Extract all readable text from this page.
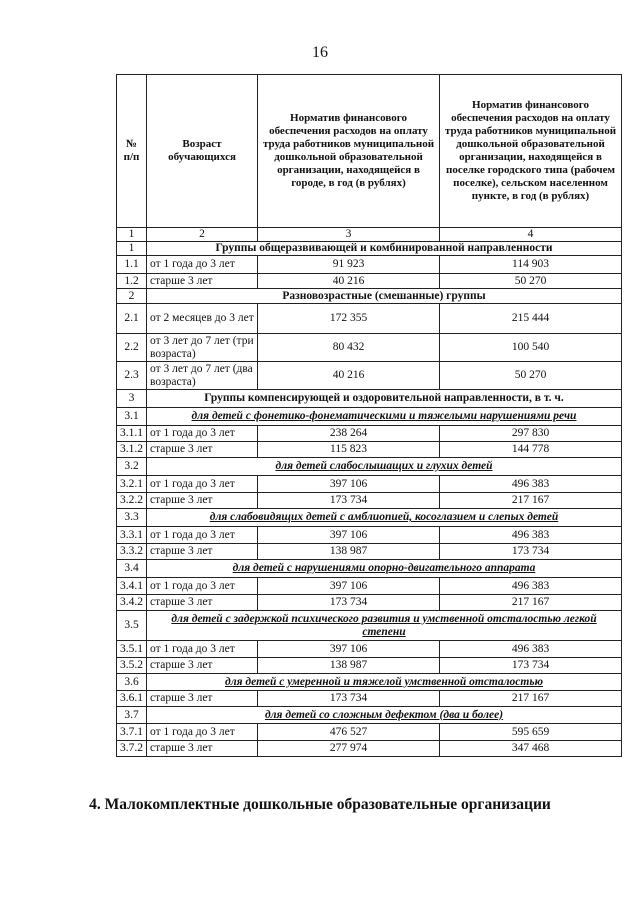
16
№ п/п	Возраст обучающихся	Норматив финансового обеспечения расходов на оплату труда работников муниципальной дошкольной образовательной организации, находящейся в городе, в год (в рублях)	Норматив финансового обеспечения расходов на оплату труда работников муниципальной дошкольной образовательной организации, находящейся в поселке городского типа (рабочем поселке), сельском населенном пункте, в год (в рублях)
1	2	3	4
1	Группы общеразвивающей и комбинированной направленности		
1.1	от 1 года до 3 лет	91 923	114 903
1.2	старше 3 лет	40 216	50 270
2	Разновозрастные (смешанные) группы		
2.1	от 2 месяцев до 3 лет	172 355	215 444
2.2	от 3 лет до 7 лет (три возраста)	80 432	100 540
2.3	от 3 лет до 7 лет (два возраста)	40 216	50 270
3	Группы компенсирующей и оздоровительной направленности, в т. ч.		
3.1	для детей с фонетико-фонематическими и тяжелыми нарушениями речи		
3.1.1	от 1 года до 3 лет	238 264	297 830
3.1.2	старше 3 лет	115 823	144 778
3.2	для детей слабослышащих и глухих детей		
3.2.1	от 1 года до 3 лет	397 106	496 383
3.2.2	старше 3 лет	173 734	217 167
3.3	для слабовидящих детей с амблиопией, косоглазием и слепых детей		
3.3.1	от 1 года до 3 лет	397 106	496 383
3.3.2	старше 3 лет	138 987	173 734
3.4	для детей с нарушениями опорно-двигательного аппарата		
3.4.1	от 1 года до 3 лет	397 106	496 383
3.4.2	старше 3 лет	173 734	217 167
3.5	для детей с задержкой психического развития и умственной отсталостью легкой степени		
3.5.1	от 1 года до 3 лет	397 106	496 383
3.5.2	старше 3 лет	138 987	173 734
3.6	для детей с умеренной и тяжелой умственной отсталостью		
3.6.1	старше 3 лет	173 734	217 167
3.7	для детей со сложным дефектом (два и более)		
3.7.1	от 1 года до 3 лет	476 527	595 659
3.7.2	старше 3 лет	277 974	347 468
4. Малокомплектные дошкольные образовательные организации
